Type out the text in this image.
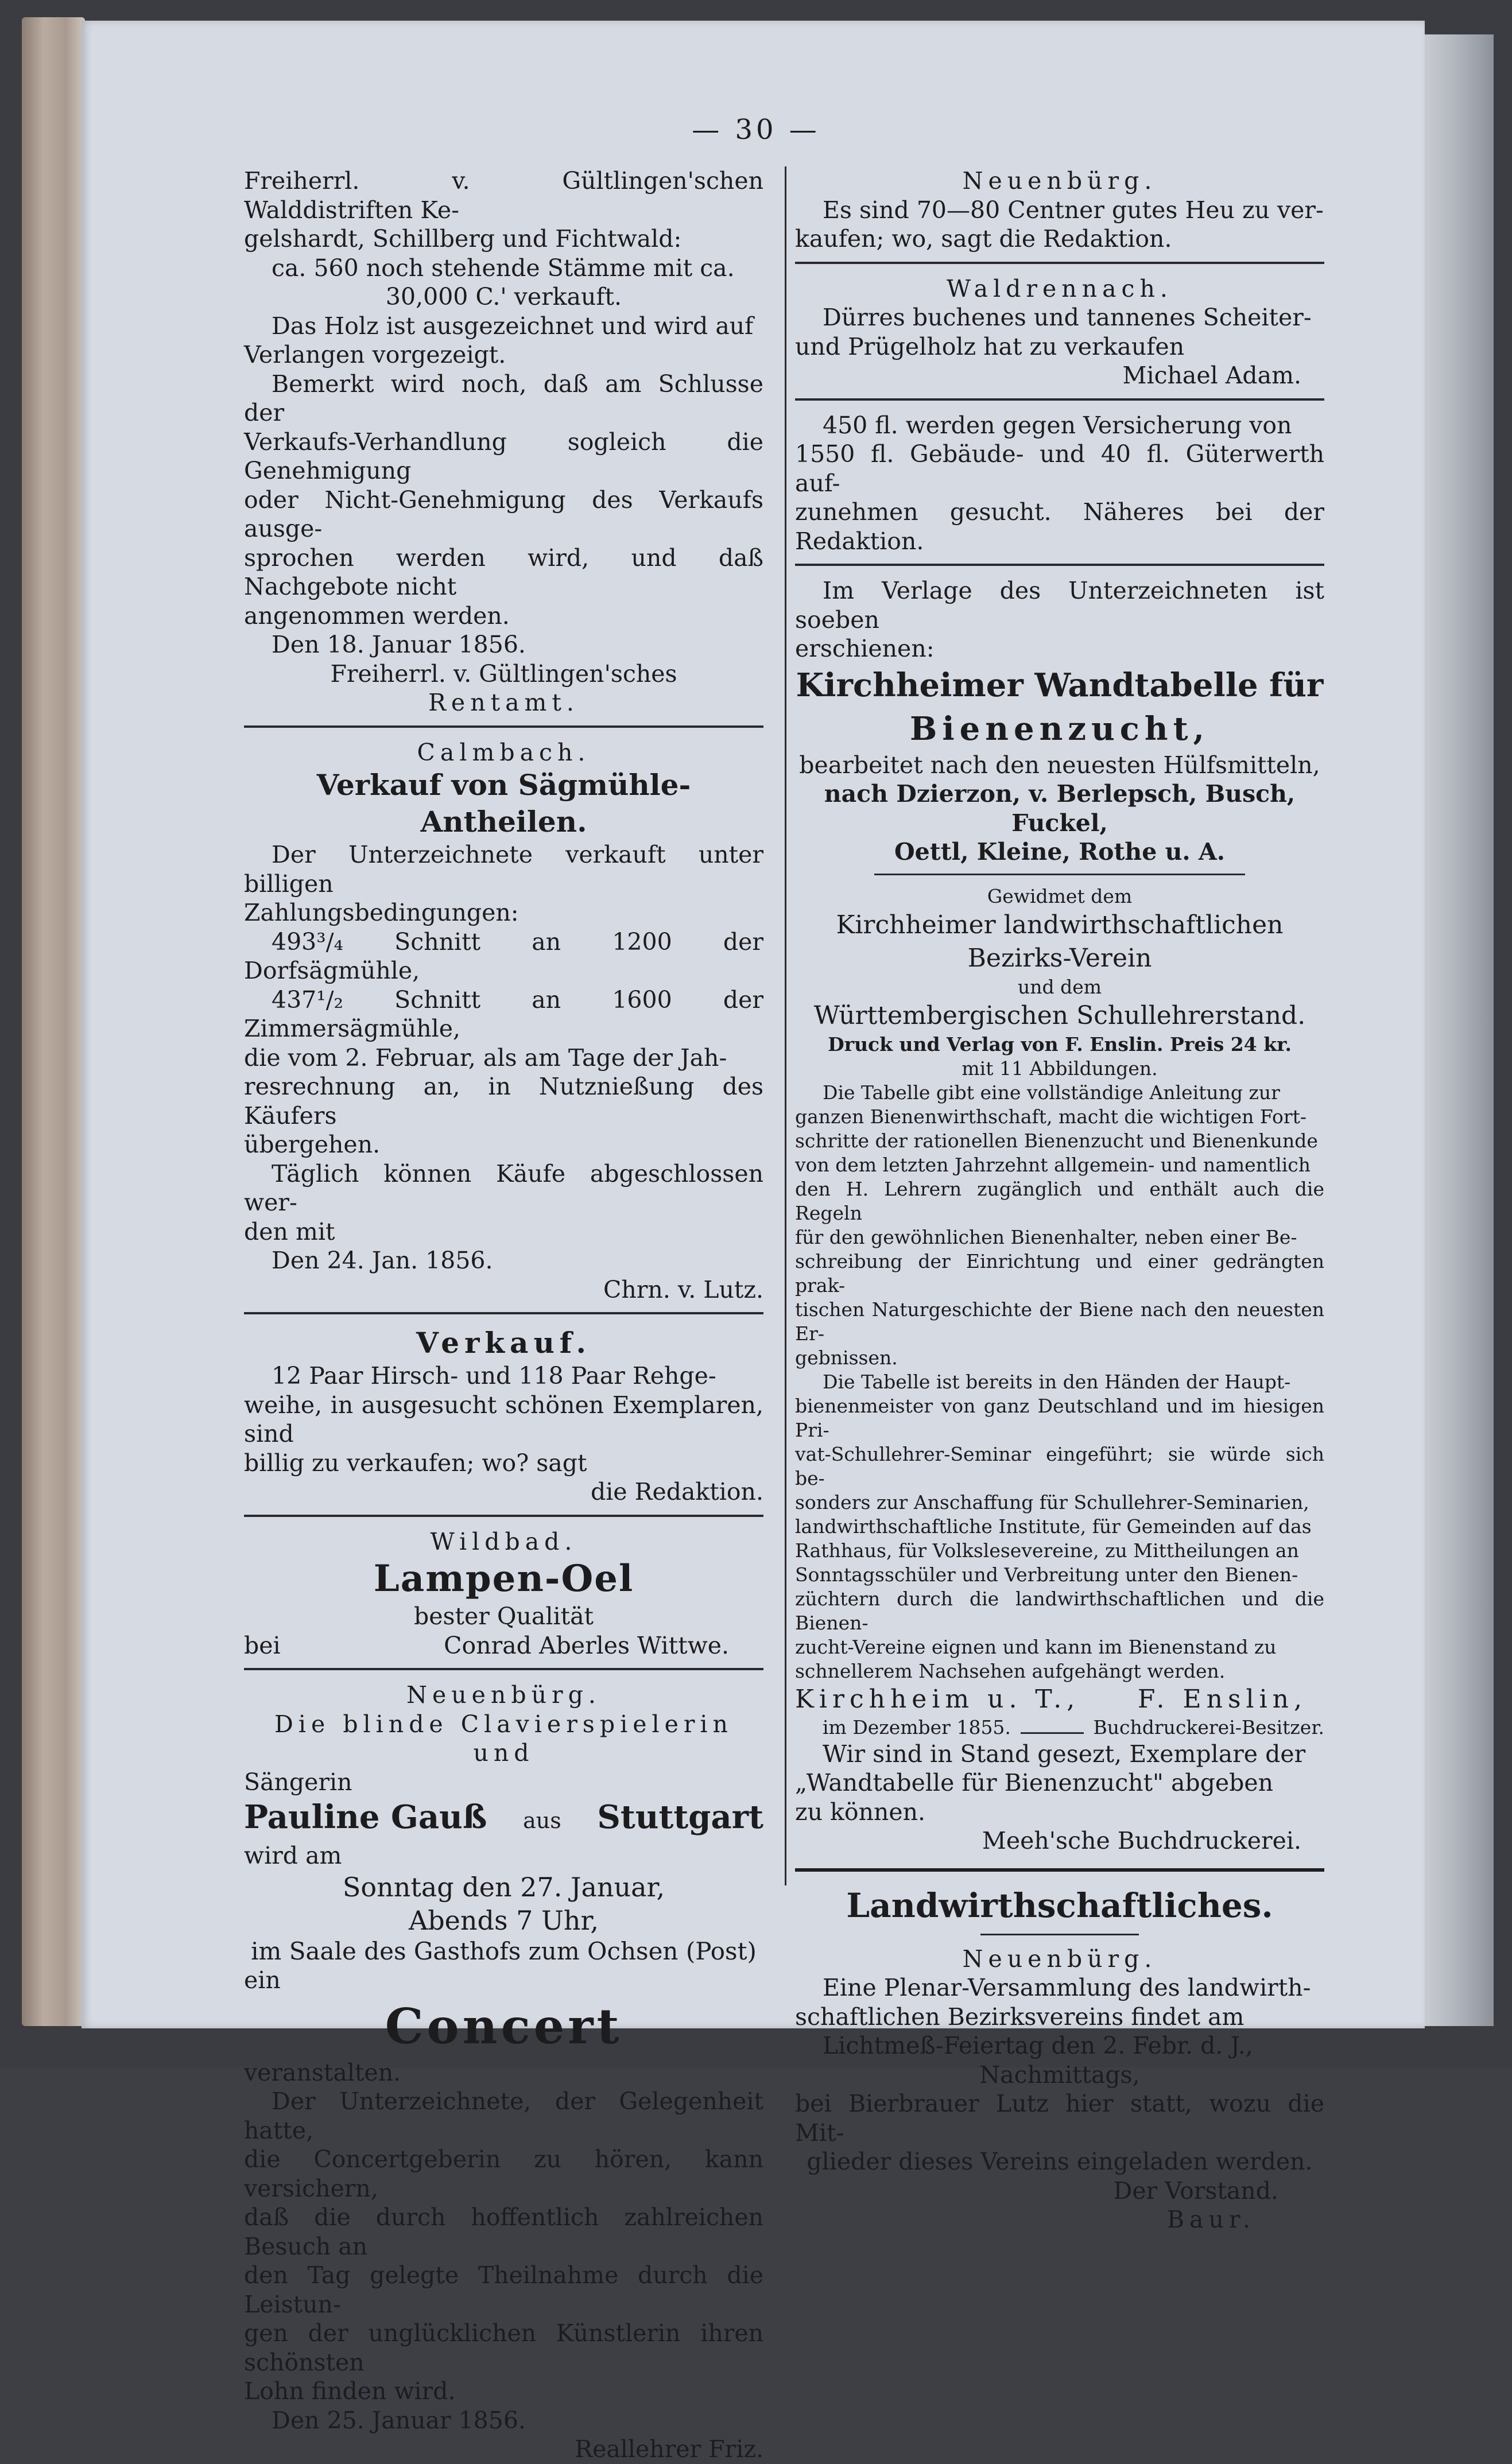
— 30 —

Freiherrl. v. Gültlingen'schen Walddistriften Ke-

gelshardt, Schillberg und Fichtwald:

ca. 560 noch stehende Stämme mit ca.

30,000 C.' verkauft.

Das Holz ist ausgezeichnet und wird auf

Verlangen vorgezeigt.

Bemerkt wird noch, daß am Schlusse der

Verkaufs-Verhandlung sogleich die Genehmigung

oder Nicht-Genehmigung des Verkaufs ausge-

sprochen werden wird, und daß Nachgebote nicht

angenommen werden.

Den 18. Januar 1856.

Freiherrl. v. Gültlingen'sches

Rentamt.

Calmbach.

Verkauf von Sägmühle-Antheilen.

Der Unterzeichnete verkauft unter billigen

Zahlungsbedingungen:

493³/₄ Schnitt an 1200 der Dorfsägmühle,

437¹/₂ Schnitt an 1600 der Zimmersägmühle,

die vom 2. Februar, als am Tage der Jah-

resrechnung an, in Nutznießung des Käufers

übergehen.

Täglich können Käufe abgeschlossen wer-

den mit

Den 24. Jan. 1856.

Chrn. v. Lutz.

Verkauf.

12 Paar Hirsch- und 118 Paar Rehge-

weihe, in ausgesucht schönen Exemplaren, sind

billig zu verkaufen; wo? sagt

die Redaktion.

Wildbad.

Lampen-Oel

bester Qualität

bei	Conrad Aberles Wittwe.

Neuenbürg.

Die blinde Clavierspielerin und

Sängerin

Pauline Gauß aus Stuttgart

wird am

Sonntag den 27. Januar,

Abends 7 Uhr,

im Saale des Gasthofs zum Ochsen (Post)

ein

Concert

veranstalten.

Der Unterzeichnete, der Gelegenheit hatte,

die Concertgeberin zu hören, kann versichern,

daß die durch hoffentlich zahlreichen Besuch an

den Tag gelegte Theilnahme durch die Leistun-

gen der unglücklichen Künstlerin ihren schönsten

Lohn finden wird.

Den 25. Januar 1856.

Reallehrer Friz.

Neuenbürg.

Es sind 70—80 Centner gutes Heu zu ver-

kaufen; wo, sagt die Redaktion.

Waldrennach.

Dürres buchenes und tannenes Scheiter-

und Prügelholz hat zu verkaufen

Michael Adam.

450 fl. werden gegen Versicherung von

1550 fl. Gebäude- und 40 fl. Güterwerth auf-

zunehmen gesucht. Näheres bei der Redaktion.

Im Verlage des Unterzeichneten ist soeben

erschienen:

Kirchheimer Wandtabelle für

Bienenzucht,

bearbeitet nach den neuesten Hülfsmitteln,

nach Dzierzon, v. Berlepsch, Busch, Fuckel,

Oettl, Kleine, Rothe u. A.

Gewidmet dem

Kirchheimer landwirthschaftlichen

Bezirks-Verein

und dem

Württembergischen Schullehrerstand.

Druck und Verlag von F. Enslin. Preis 24 kr.

mit 11 Abbildungen.

Die Tabelle gibt eine vollständige Anleitung zur

ganzen Bienenwirthschaft, macht die wichtigen Fort-

schritte der rationellen Bienenzucht und Bienenkunde

von dem letzten Jahrzehnt allgemein- und namentlich

den H. Lehrern zugänglich und enthält auch die Regeln

für den gewöhnlichen Bienenhalter, neben einer Be-

schreibung der Einrichtung und einer gedrängten prak-

tischen Naturgeschichte der Biene nach den neuesten Er-

gebnissen.

Die Tabelle ist bereits in den Händen der Haupt-

bienenmeister von ganz Deutschland und im hiesigen Pri-

vat-Schullehrer-Seminar eingeführt; sie würde sich be-

sonders zur Anschaffung für Schullehrer-Seminarien,

landwirthschaftliche Institute, für Gemeinden auf das

Rathhaus, für Volkslesevereine, zu Mittheilungen an

Sonntagsschüler und Verbreitung unter den Bienen-

züchtern durch die landwirthschaftlichen und die Bienen-

zucht-Vereine eignen und kann im Bienenstand zu

schnellerem Nachsehen aufgehängt werden.

Kirchheim u. T., F. Enslin,
im Dezember 1855.	Buchdruckerei-Besitzer.

Wir sind in Stand gesezt, Exemplare der

„Wandtabelle für Bienenzucht" abgeben

zu können.

Meeh'sche Buchdruckerei.

Landwirthschaftliches.

Neuenbürg.

Eine Plenar-Versammlung des landwirth-

schaftlichen Bezirksvereins findet am

Lichtmeß-Feiertag den 2. Febr. d. J.,

Nachmittags,

bei Bierbrauer Lutz hier statt, wozu die Mit-

glieder dieses Vereins eingeladen werden.

Der Vorstand.

Baur.
